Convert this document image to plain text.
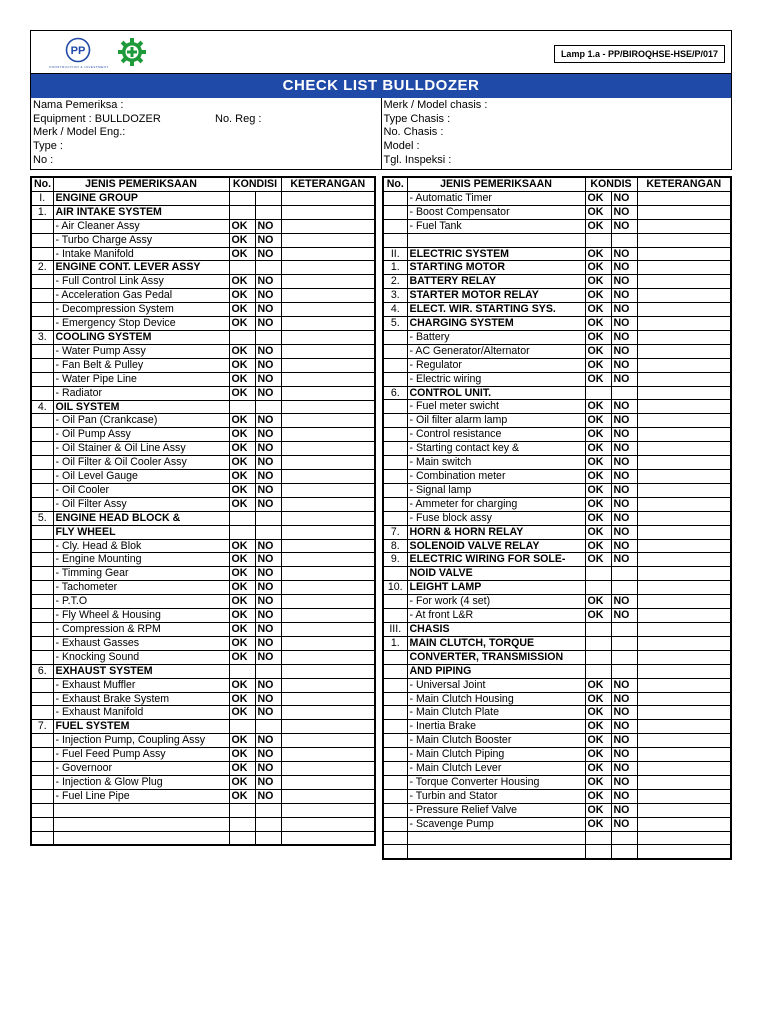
PP
CONSTRUCTION & INVESTMENT
Lamp 1.a - PP/BIROQHSE-HSE/P/017
CHECK LIST BULLDOZER
Nama Pemeriksa :
Equipment : BULLDOZER	No. Reg :
Merk / Model Eng.:
Type :
No :
Merk / Model chasis :
Type Chasis :
No. Chasis :
Model :
Tgl. Inspeksi :
No.	JENIS PEMERIKSAAN	KONDISI		KETERANGAN
I.	ENGINE GROUP			
1.	AIR INTAKE SYSTEM			
	- Air Cleaner Assy	OK	NO	
	- Turbo Charge Assy	OK	NO	
	- Intake Manifold	OK	NO	
2.	ENGINE CONT. LEVER ASSY			
	- Full Control Link Assy	OK	NO	
	- Acceleration Gas Pedal	OK	NO	
	- Decompression System	OK	NO	
	- Emergency Stop Device	OK	NO	
3.	COOLING SYSTEM			
	- Water Pump Assy	OK	NO	
	- Fan Belt & Pulley	OK	NO	
	- Water Pipe Line	OK	NO	
	- Radiator	OK	NO	
4.	OIL SYSTEM			
	- Oil Pan (Crankcase)	OK	NO	
	- Oil Pump Assy	OK	NO	
	- Oil Stainer & Oil Line Assy	OK	NO	
	- Oil Filter & Oil Cooler Assy	OK	NO	
	- Oil Level Gauge	OK	NO	
	- Oil Cooler	OK	NO	
	- Oil Filter Assy	OK	NO	
5.	ENGINE HEAD BLOCK &			
	FLY WHEEL			
	- Cly. Head & Blok	OK	NO	
	- Engine Mounting	OK	NO	
	- Timming Gear	OK	NO	
	- Tachometer	OK	NO	
	- P.T.O	OK	NO	
	- Fly Wheel & Housing	OK	NO	
	- Compression & RPM	OK	NO	
	- Exhaust Gasses	OK	NO	
	- Knocking Sound	OK	NO	
6.	EXHAUST SYSTEM			
	- Exhaust Muffler	OK	NO	
	- Exhaust Brake System	OK	NO	
	- Exhaust Manifold	OK	NO	
7.	FUEL SYSTEM			
	- Injection Pump, Coupling Assy	OK	NO	
	- Fuel Feed Pump Assy	OK	NO	
	- Governoor	OK	NO	
	- Injection & Glow Plug	OK	NO	
	- Fuel Line Pipe	OK	NO	

No.	JENIS PEMERIKSAAN	KONDIS		KETERANGAN
	- Automatic Timer	OK	NO	
	- Boost Compensator	OK	NO	
	- Fuel Tank	OK	NO	

II.	ELECTRIC SYSTEM	OK	NO	
1.	STARTING MOTOR	OK	NO	
2.	BATTERY RELAY	OK	NO	
3.	STARTER MOTOR RELAY	OK	NO	
4.	ELECT. WIR. STARTING SYS.	OK	NO	
5.	CHARGING SYSTEM	OK	NO	
	- Battery	OK	NO	
	- AC Generator/Alternator	OK	NO	
	- Regulator	OK	NO	
	- Electric wiring	OK	NO	
6.	CONTROL UNIT.			
	- Fuel meter swicht	OK	NO	
	- Oil filter alarm lamp	OK	NO	
	- Control resistance	OK	NO	
	- Starting contact key &	OK	NO	
	- Main switch	OK	NO	
	- Combination meter	OK	NO	
	- Signal lamp	OK	NO	
	- Ammeter for charging	OK	NO	
	- Fuse block assy	OK	NO	
7.	HORN & HORN RELAY	OK	NO	
8.	SOLENOID VALVE RELAY	OK	NO	
9.	ELECTRIC WIRING FOR SOLE-	OK	NO	
	NOID VALVE			
10.	LEIGHT LAMP			
	- For work (4 set)	OK	NO	
	- At front L&R	OK	NO	
III.	CHASIS			
1.	MAIN CLUTCH, TORQUE			
	CONVERTER, TRANSMISSION			
	AND PIPING			
	- Universal Joint	OK	NO	
	- Main Clutch Housing	OK	NO	
	- Main Clutch Plate	OK	NO	
	- Inertia Brake	OK	NO	
	- Main Clutch Booster	OK	NO	
	- Main Clutch Piping	OK	NO	
	- Main Clutch Lever	OK	NO	
	- Torque Converter Housing	OK	NO	
	- Turbin and Stator	OK	NO	
	- Pressure Relief Valve	OK	NO	
	- Scavenge Pump	OK	NO	
